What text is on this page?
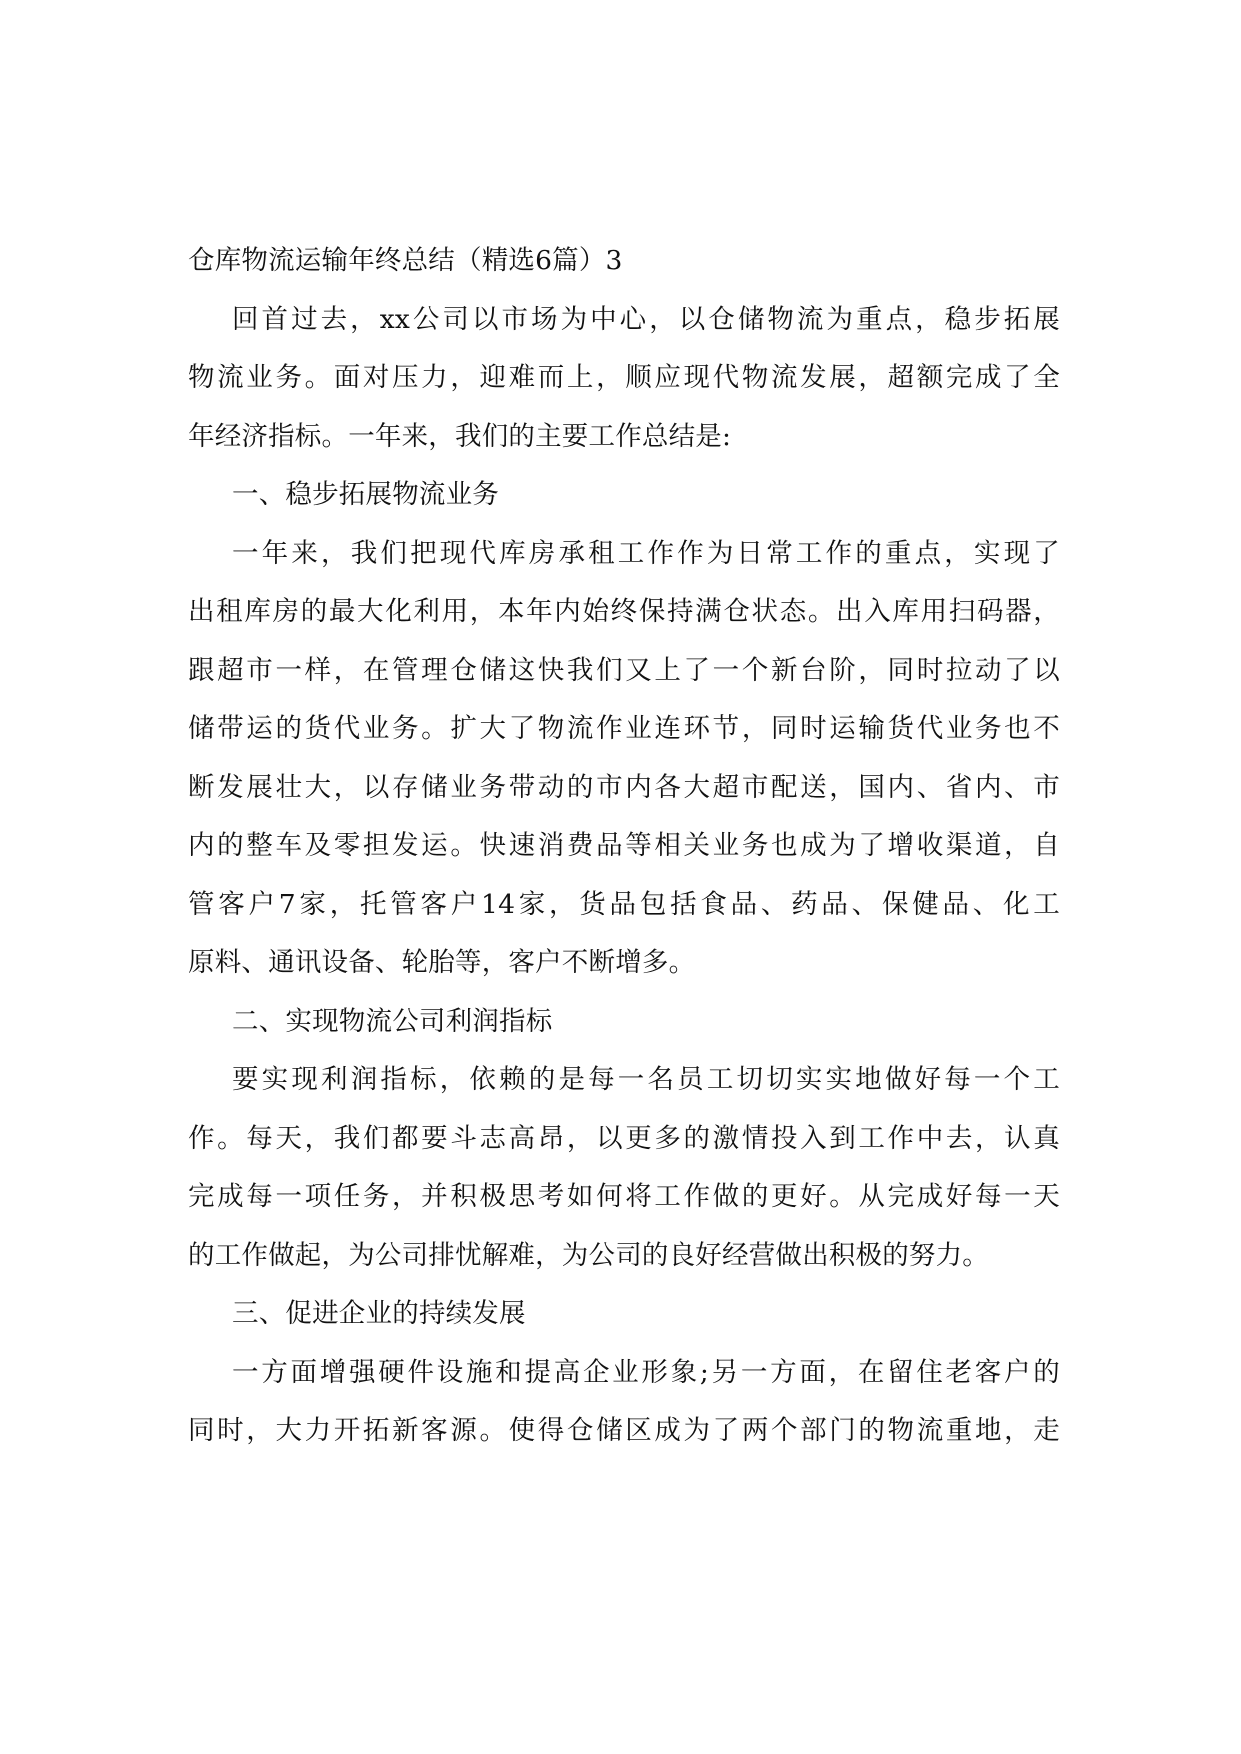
仓库物流运输年终总结（精选6篇）3
回首过去，xx公司以市场为中心，以仓储物流为重点，稳步拓展
物流业务。面对压力，迎难而上，顺应现代物流发展，超额完成了全
年经济指标。一年来，我们的主要工作总结是:
一、稳步拓展物流业务
一年来，我们把现代库房承租工作作为日常工作的重点，实现了
出租库房的最大化利用，本年内始终保持满仓状态。出入库用扫码器，
跟超市一样，在管理仓储这快我们又上了一个新台阶，同时拉动了以
储带运的货代业务。扩大了物流作业连环节，同时运输货代业务也不
断发展壮大，以存储业务带动的市内各大超市配送，国内、省内、市
内的整车及零担发运。快速消费品等相关业务也成为了增收渠道，自
管客户7家，托管客户14家，货品包括食品、药品、保健品、化工
原料、通讯设备、轮胎等，客户不断增多。
二、实现物流公司利润指标
要实现利润指标，依赖的是每一名员工切切实实地做好每一个工
作。每天，我们都要斗志高昂，以更多的激情投入到工作中去，认真
完成每一项任务，并积极思考如何将工作做的更好。从完成好每一天
的工作做起，为公司排忧解难，为公司的良好经营做出积极的努力。
三、促进企业的持续发展
一方面增强硬件设施和提高企业形象;另一方面，在留住老客户的
同时，大力开拓新客源。使得仓储区成为了两个部门的物流重地，走
